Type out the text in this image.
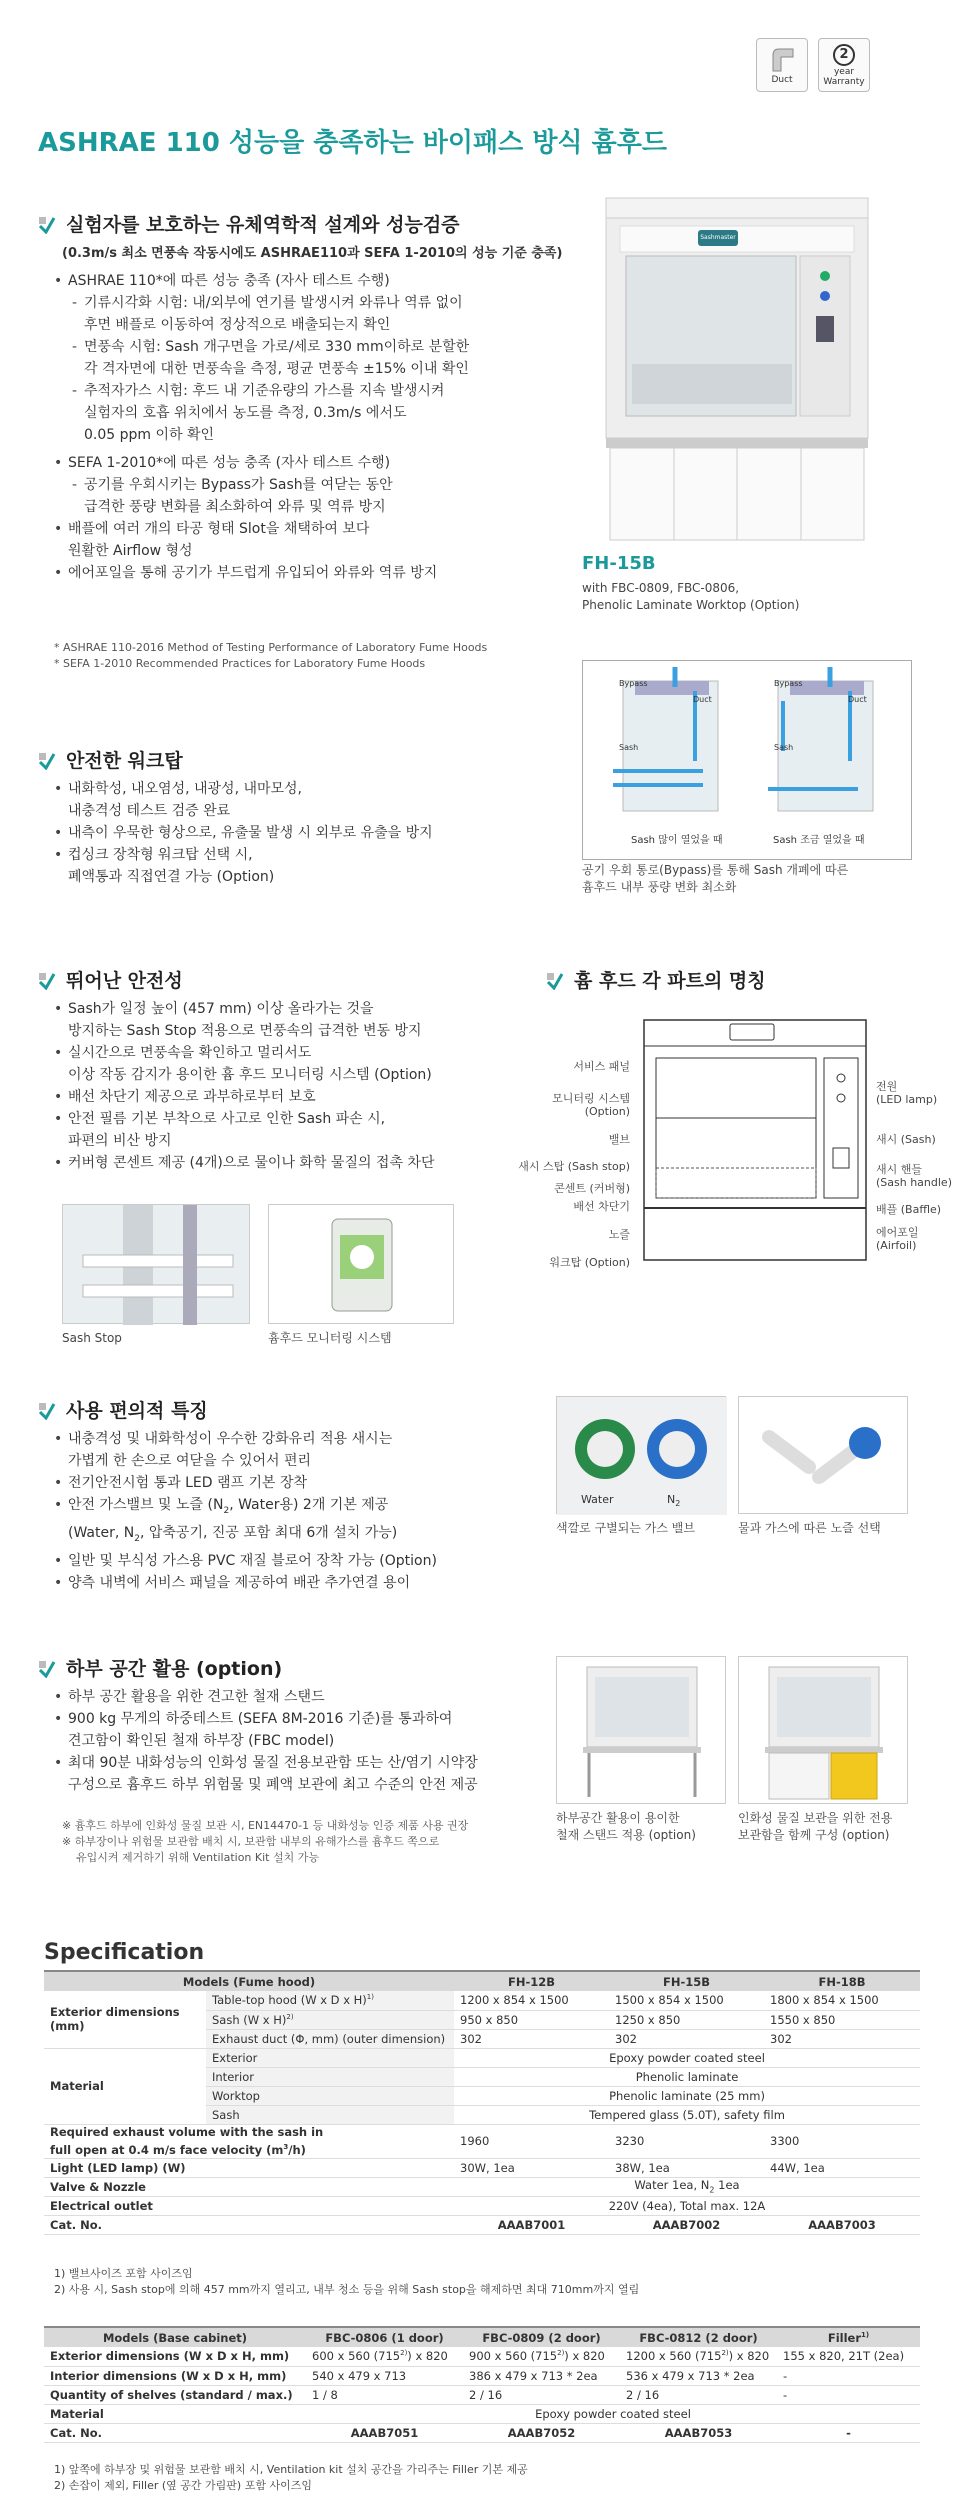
Duct
2
year
Warranty
ASHRAE 110 성능을 충족하는 바이패스 방식 흄후드
실험자를 보호하는 유체역학적 설계와 성능검증
(0.3m/s 최소 면풍속 작동시에도 ASHRAE110과 SEFA 1-2010의 성능 기준 충족)
• ASHRAE 110*에 따른 성능 충족 (자사 테스트 수행)
- 기류시각화 시험: 내/외부에 연기를 발생시켜 와류나 역류 없이
후면 배플로 이동하여 정상적으로 배출되는지 확인
- 면풍속 시험: Sash 개구면을 가로/세로 330 mm이하로 분할한
각 격자면에 대한 면풍속을 측정, 평균 면풍속 ±15% 이내 확인
- 추적자가스 시험: 후드 내 기준유량의 가스를 지속 발생시켜
실험자의 호흡 위치에서 농도를 측정, 0.3m/s 에서도
0.05 ppm 이하 확인
• SEFA 1-2010*에 따른 성능 충족 (자사 테스트 수행)
- 공기를 우회시키는 Bypass가 Sash를 여닫는 동안
급격한 풍량 변화를 최소화하여 와류 및 역류 방지
• 배플에 여러 개의 타공 형태 Slot을 채택하여 보다
원활한 Airflow 형성
• 에어포일을 통해 공기가 부드럽게 유입되어 와류와 역류 방지
* ASHRAE 110-2016 Method of Testing Performance of Laboratory Fume Hoods
* SEFA 1-2010 Recommended Practices for Laboratory Fume Hoods
Sashmaster
FH-15B
with FBC-0809, FBC-0806,
Phenolic Laminate Worktop (Option)
Bypass
Duct
Sash
Bypass
Duct
Sash
Sash 많이 열었을 때	Sash 조금 열었을 때
공기 우회 통로(Bypass)를 통해 Sash 개폐에 따른
흄후드 내부 풍량 변화 최소화
안전한 워크탑
• 내화학성, 내오염성, 내광성, 내마모성,
내충격성 테스트 검증 완료
• 내측이 우묵한 형상으로, 유출물 발생 시 외부로 유출을 방지
• 컵싱크 장착형 워크탑 선택 시,
폐액통과 직접연결 가능 (Option)
뛰어난 안전성
• Sash가 일정 높이 (457 mm) 이상 올라가는 것을
방지하는 Sash Stop 적용으로 면풍속의 급격한 변동 방지
• 실시간으로 면풍속을 확인하고 멀리서도
이상 작동 감지가 용이한 흄 후드 모니터링 시스템 (Option)
• 배선 차단기 제공으로 과부하로부터 보호
• 안전 필름 기본 부착으로 사고로 인한 Sash 파손 시,
파편의 비산 방지
• 커버형 콘센트 제공 (4개)으로 물이나 화학 물질의 접촉 차단
Sash Stop	흄후드 모니터링 시스템
흄 후드 각 파트의 명칭
서비스 패널
모니터링 시스템
(Option)
밸브
새시 스탑 (Sash stop)
콘센트 (커버형)
배선 차단기
노즐
워크탑 (Option)
전원
(LED lamp)
새시 (Sash)
새시 핸들
(Sash handle)
배플 (Baffle)
에어포일
(Airfoil)
사용 편의적 특징
• 내충격성 및 내화학성이 우수한 강화유리 적용 새시는
가볍게 한 손으로 여닫을 수 있어서 편리
• 전기안전시험 통과 LED 램프 기본 장착
• 안전 가스밸브 및 노즐 ($N_2$, Water용) 2개 기본 제공
(Water, $N_2$, 압축공기, 진공 포함 최대 6개 설치 가능)
• 일반 및 부식성 가스용 PVC 재질 블로어 장착 가능 (Option)
• 양측 내벽에 서비스 패널을 제공하여 배관 추가연결 용이
Water	$N_2$
색깔로 구별되는 가스 밸브	물과 가스에 따른 노즐 선택
하부 공간 활용 (option)
• 하부 공간 활용을 위한 견고한 철재 스탠드
• 900 kg 무게의 하중테스트 (SEFA 8M-2016 기준)를 통과하여
견고함이 확인된 철재 하부장 (FBC model)
• 최대 90분 내화성능의 인화성 물질 전용보관함 또는 산/염기 시약장
구성으로 흄후드 하부 위험물 및 폐액 보관에 최고 수준의 안전 제공
※ 흄후드 하부에 인화성 물질 보관 시, EN14470-1 등 내화성능 인증 제품 사용 권장
※ 하부장이나 위험물 보관함 배치 시, 보관함 내부의 유해가스를 흄후드 쪽으로
유입시켜 제거하기 위해 Ventilation Kit 설치 가능
하부공간 활용이 용이한
철재 스탠드 적용 (option)
인화성 물질 보관을 위한 전용
보관함을 함께 구성 (option)
Specification
Models (Fume hood)		FH-12B	FH-15B	FH-18B

Exterior dimensions
(mm)	Table-top hood (W x D x H)$^{1)}$	1200 x 854 x 1500	1500 x 854 x 1500	1800 x 854 x 1500
	Sash (W x H)$^{2)}$	950 x 850	1250 x 850	1550 x 850
	Exhaust duct (Φ, mm) (outer dimension)	302	302	302
Material	Exterior	Epoxy powder coated steel		
	Interior	Phenolic laminate		
	Worktop	Phenolic laminate (25 mm)		
	Sash	Tempered glass (5.0T), safety film		

Required exhaust volume with the sash in
full open at 0.4 m/s face velocity $(m^3/h)$		1960	3230	3300
Light (LED lamp) (W)		30W, 1ea	38W, 1ea	44W, 1ea
Valve & Nozzle		Water 1ea, $N_2$ 1ea		
Electrical outlet		220V (4ea), Total max. 12A		
Cat. No.		AAAB7001	AAAB7002	AAAB7003
1) 밸브사이즈 포함 사이즈임
2) 사용 시, Sash stop에 의해 457 mm까지 열리고, 내부 청소 등을 위해 Sash stop을 해제하면 최대 710mm까지 열림
Models (Base cabinet)	FBC-0806 (1 door)	FBC-0809 (2 door)	FBC-0812 (2 door)	Filler$^{1)}$
Exterior dimensions (W x D x H, mm)	600 x 560 (715$^{2)}$) x 820	900 x 560 (715$^{2)}$) x 820	1200 x 560 (715$^{2)}$) x 820	155 x 820, 21T (2ea)
Interior dimensions (W x D x H, mm)	540 x 479 x 713	386 x 479 x 713 * 2ea	536 x 479 x 713 * 2ea	-
Quantity of shelves (standard / max.)	1 / 8	2 / 16	2 / 16	-
Material	Epoxy powder coated steel			
Cat. No.	AAAB7051	AAAB7052	AAAB7053	-
1) 앞쪽에 하부장 및 위험물 보관함 배치 시, Ventilation kit 설치 공간을 가리주는 Filler 기본 제공
2) 손잡이 제외, Filler (옆 공간 가림판) 포함 사이즈임
